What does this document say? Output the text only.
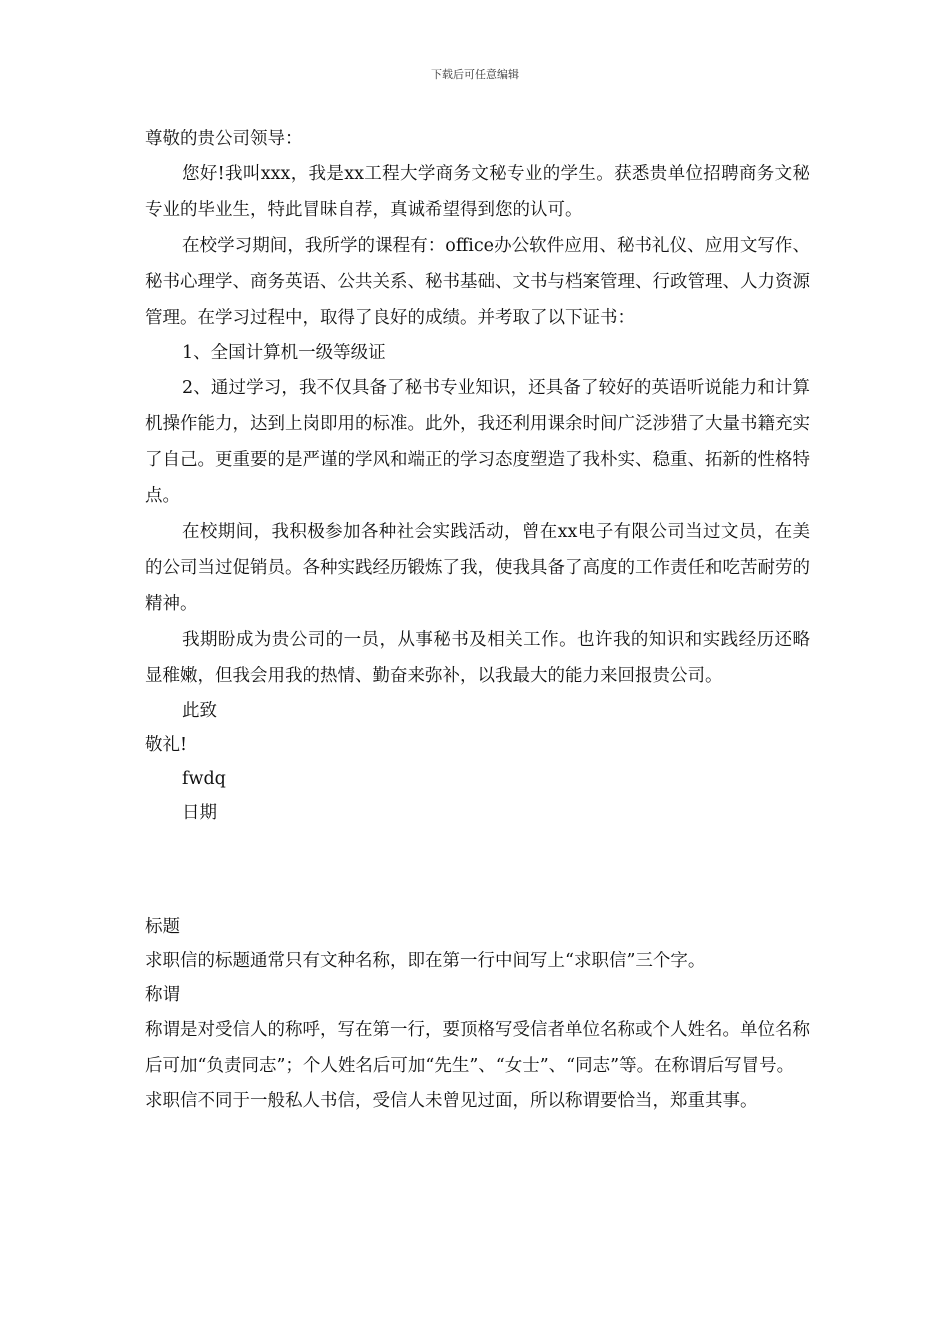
下载后可任意编辑

尊敬的贵公司领导：

您好!我叫xxx，我是xx工程大学商务文秘专业的学生。获悉贵单位招聘商务文秘专业的毕业生，特此冒昧自荐，真诚希望得到您的认可。

在校学习期间，我所学的课程有：office办公软件应用、秘书礼仪、应用文写作、秘书心理学、商务英语、公共关系、秘书基础、文书与档案管理、行政管理、人力资源管理。在学习过程中，取得了良好的成绩。并考取了以下证书：

1、全国计算机一级等级证

2、通过学习，我不仅具备了秘书专业知识，还具备了较好的英语听说能力和计算机操作能力，达到上岗即用的标准。此外，我还利用课余时间广泛涉猎了大量书籍充实了自己。更重要的是严谨的学风和端正的学习态度塑造了我朴实、稳重、拓新的性格特点。

在校期间，我积极参加各种社会实践活动，曾在xx电子有限公司当过文员，在美的公司当过促销员。各种实践经历锻炼了我，使我具备了高度的工作责任和吃苦耐劳的精神。

我期盼成为贵公司的一员，从事秘书及相关工作。也许我的知识和实践经历还略显稚嫩，但我会用我的热情、勤奋来弥补，以我最大的能力来回报贵公司。

此致

敬礼!

fwdq

日期

标题

求职信的标题通常只有文种名称，即在第一行中间写上“求职信”三个字。

称谓

称谓是对受信人的称呼，写在第一行，要顶格写受信者单位名称或个人姓名。单位名称后可加“负责同志”；个人姓名后可加“先生”、“女士”、“同志”等。在称谓后写冒号。

求职信不同于一般私人书信，受信人未曾见过面，所以称谓要恰当，郑重其事。
